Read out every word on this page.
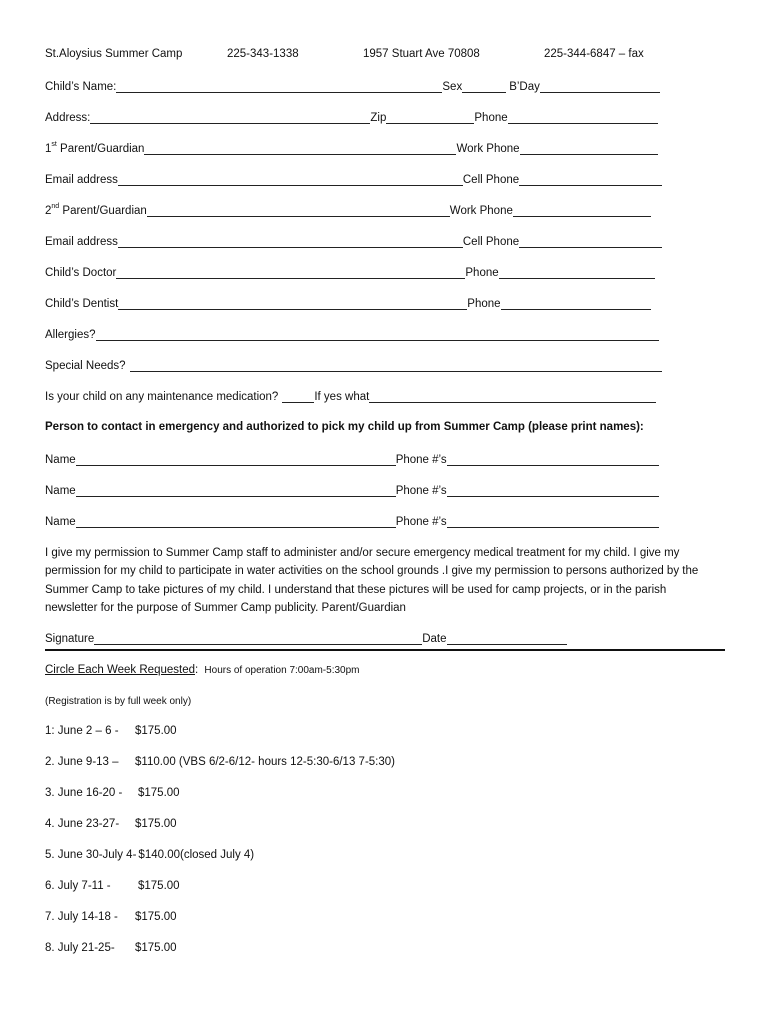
St.Aloysius Summer Camp	225-343-1338	1957 Stuart Ave 70808	225-344-6847 – fax
Child’s Name:	Sex	B’Day
Address:	Zip	Phone
1st Parent/Guardian	Work Phone
Email address	Cell Phone
2nd Parent/Guardian	Work Phone
Email address	Cell Phone
Child’s Doctor	Phone
Child’s Dentist	Phone
Allergies?
Special Needs?
Is your child on any maintenance medication?	If yes what
Person to contact in emergency and authorized to pick my child up from Summer Camp (please print names):
Name	Phone #’s
Name	Phone #’s
Name	Phone #’s
I give my permission to Summer Camp staff to administer and/or secure emergency medical treatment for my child. I give my permission for my child to participate in water activities on the school grounds .I give my permission to persons authorized by the Summer Camp to take pictures of my child. I understand that these pictures will be used for camp projects, or in the parish newsletter for the purpose of Summer Camp publicity. Parent/Guardian
Signature	Date
Circle Each Week Requested: Hours of operation 7:00am-5:30pm
(Registration is by full week only)
1: June 2 – 6 - $175.00
2. June 9-13 – $110.00 (VBS 6/2-6/12- hours 12-5:30-6/13 7-5:30)
3. June 16-20 - $175.00
4. June 23-27- $175.00
5. June 30-July 4- $140.00(closed July 4)
6. July 7-11 - $175.00
7. July 14-18 - $175.00
8. July 21-25- $175.00
